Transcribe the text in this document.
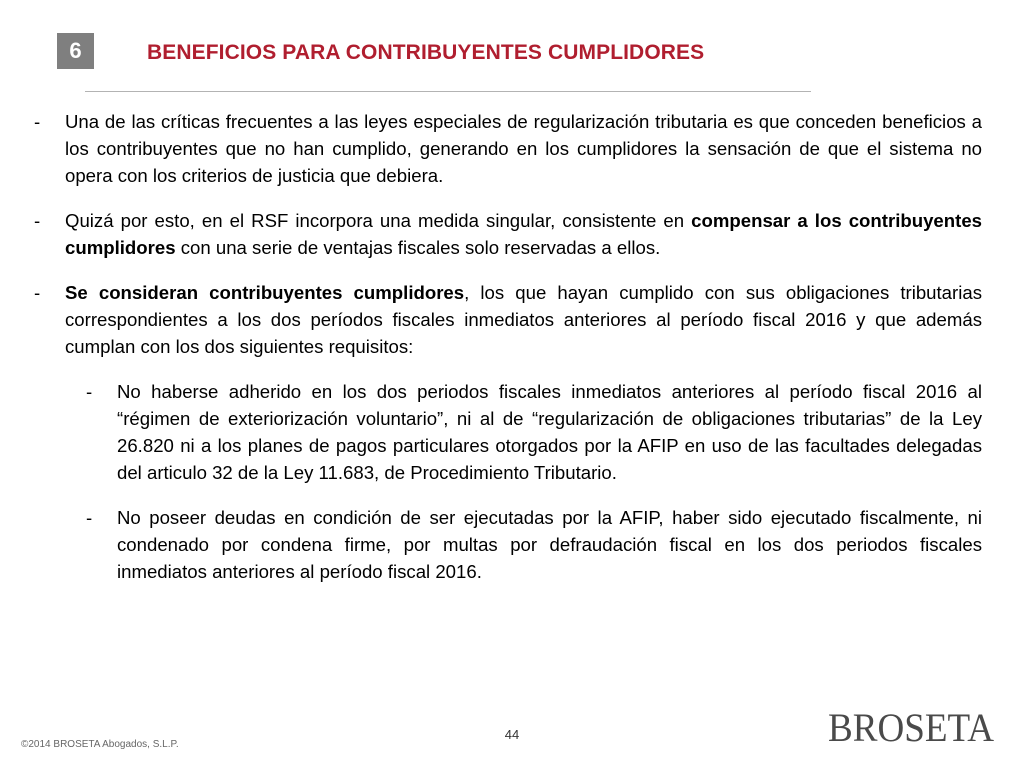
6	BENEFICIOS PARA CONTRIBUYENTES CUMPLIDORES
- Una de las críticas frecuentes a las leyes especiales de regularización tributaria es que conceden beneficios a los contribuyentes que no han cumplido, generando en los cumplidores la sensación de que el sistema no opera con los criterios de justicia que debiera.
- Quizá por esto, en el RSF incorpora una medida singular, consistente en compensar a los contribuyentes cumplidores con una serie de ventajas fiscales solo reservadas a ellos.
- Se consideran contribuyentes cumplidores, los que hayan cumplido con sus obligaciones tributarias correspondientes a los dos períodos fiscales inmediatos anteriores al período fiscal 2016 y que además cumplan con los dos siguientes requisitos:
- No haberse adherido en los dos periodos fiscales inmediatos anteriores al período fiscal 2016 al “régimen de exteriorización voluntario”, ni al de “regularización de obligaciones tributarias” de la Ley 26.820 ni a los planes de pagos particulares otorgados por la AFIP en uso de las facultades delegadas del articulo 32 de la Ley 11.683, de Procedimiento Tributario.
- No poseer deudas en condición de ser ejecutadas por la AFIP, haber sido ejecutado fiscalmente, ni condenado por condena firme, por multas por defraudación fiscal en los dos periodos fiscales inmediatos anteriores al período fiscal 2016.
44
©2014 BROSETA Abogados, S.L.P.	BROSETA
